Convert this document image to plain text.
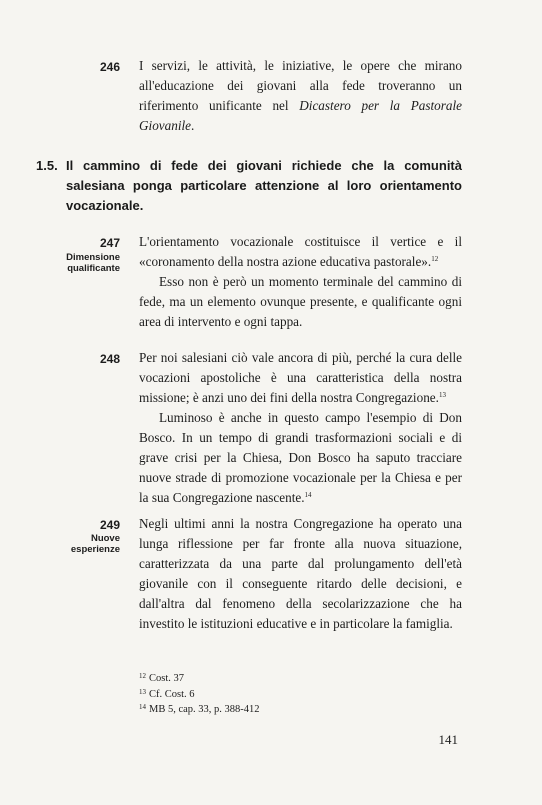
246 I servizi, le attività, le iniziative, le opere che mirano all'educazione dei giovani alla fede troveranno un riferimento unificante nel Dicastero per la Pastorale Giovanile.

1.5. Il cammino di fede dei giovani richiede che la comunità salesiana ponga particolare attenzione al loro orientamento vocazionale.
247
Dimensione
qualificante

L'orientamento vocazionale costituisce il vertice e il «coronamento della nostra azione educativa pastorale».$^{12}$

Esso non è però un momento terminale del cammino di fede, ma un elemento ovunque presente, e qualificante ogni area di intervento e ogni tappa.

248 Per noi salesiani ciò vale ancora di più, perché la cura delle vocazioni apostoliche è una caratteristica della nostra missione; è anzi uno dei fini della nostra Congregazione.$^{13}$

Luminoso è anche in questo campo l'esempio di Don Bosco. In un tempo di grandi trasformazioni sociali e di grave crisi per la Chiesa, Don Bosco ha saputo tracciare nuove strade di promozione vocazionale per la Chiesa e per la sua Congregazione nascente.$^{14}$

249
Nuove
esperienze

Negli ultimi anni la nostra Congregazione ha operato una lunga riflessione per far fronte alla nuova situazione, caratterizzata da una parte dal prolungamento dell'età giovanile con il conseguente ritardo delle decisioni, e dall'altra dal fenomeno della secolarizzazione che ha investito le istituzioni educative e in particolare la famiglia.

12 Cost. 37
13 Cf. Cost. 6
14 MB 5, cap. 33, p. 388-412
141
